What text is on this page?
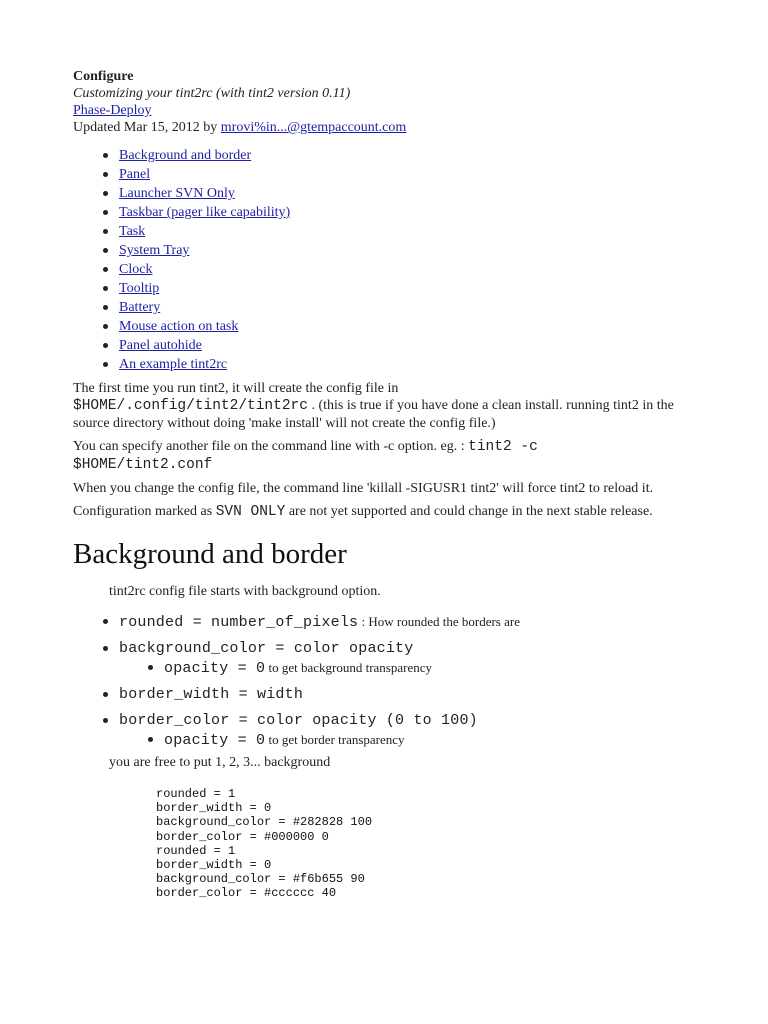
Configure
Customizing your tint2rc (with tint2 version 0.11)
Phase-Deploy
Updated Mar 15, 2012 by mrovi%in...@gtempaccount.com
Background and border
Panel
Launcher SVN Only
Taskbar (pager like capability)
Task
System Tray
Clock
Tooltip
Battery
Mouse action on task
Panel autohide
An example tint2rc

The first time you run tint2, it will create the config file in
$HOME/.config/tint2/tint2rc . (this is true if you have done a clean install. running tint2 in the source directory without doing 'make install' will not create the config file.)

You can specify another file on the command line with -c option. eg. : tint2 -c $HOME/tint2.conf

When you change the config file, the command line 'killall -SIGUSR1 tint2' will force tint2 to reload it.

Configuration marked as SVN ONLY are not yet supported and could change in the next stable release.

Background and border

tint2rc config file starts with background option.

rounded = number_of_pixels : How rounded the borders are
background_color = color opacity
opacity = 0 to get background transparency
border_width = width
border_color = color opacity (0 to 100)
opacity = 0 to get border transparency

you are free to put 1, 2, 3... background

rounded = 1
border_width = 0
background_color = #282828 100
border_color = #000000 0
rounded = 1
border_width = 0
background_color = #f6b655 90
border_color = #cccccc 40
